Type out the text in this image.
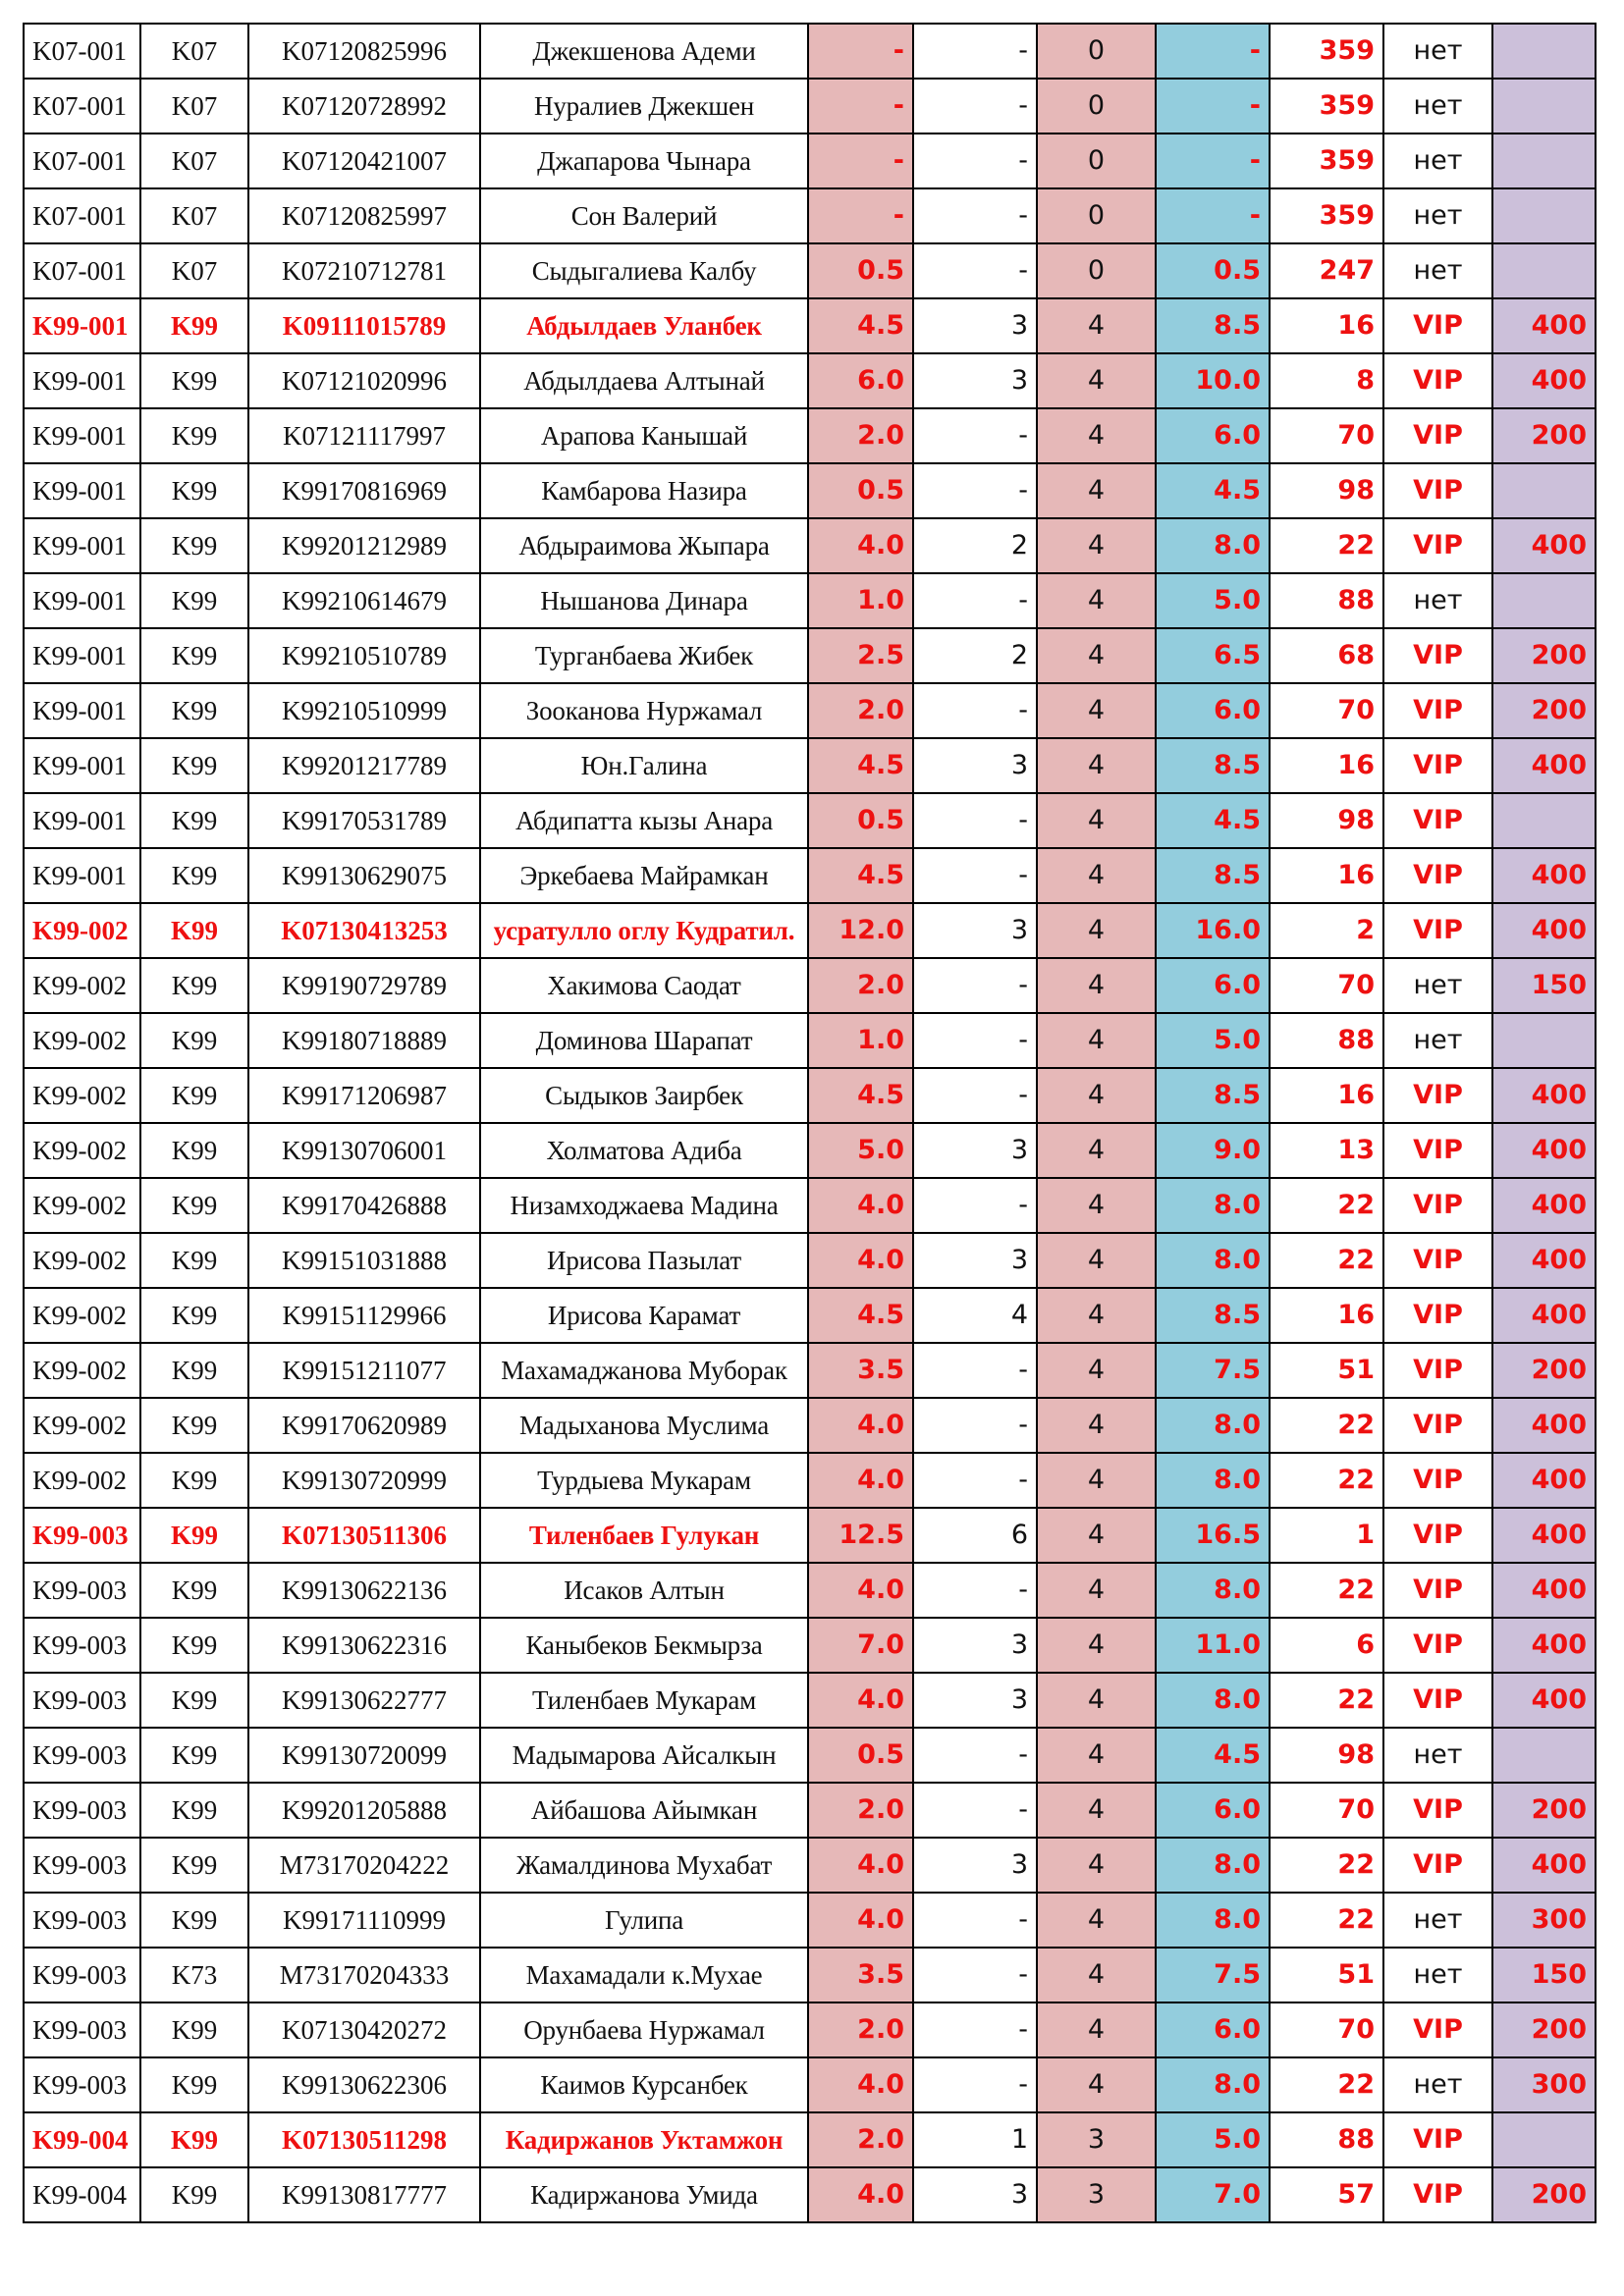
K07-001	K07	K07120825996	Джекшенова Адеми	-	-	0	-	359	нет	
K07-001	K07	K07120728992	Нуралиев Джекшен	-	-	0	-	359	нет	
K07-001	K07	K07120421007	Джапарова Чынара	-	-	0	-	359	нет	
K07-001	K07	K07120825997	Сон Валерий	-	-	0	-	359	нет	
K07-001	K07	K07210712781	Сыдыгалиева Калбу	0.5	-	0	0.5	247	нет	
K99-001	K99	K09111015789	Абдылдаев Уланбек	4.5	3	4	8.5	16	VIP	400
K99-001	K99	K07121020996	Абдылдаева Алтынай	6.0	3	4	10.0	8	VIP	400
K99-001	K99	K07121117997	Арапова Канышай	2.0	-	4	6.0	70	VIP	200
K99-001	K99	K99170816969	Камбарова Назира	0.5	-	4	4.5	98	VIP	
K99-001	K99	K99201212989	Абдыраимова Жыпара	4.0	2	4	8.0	22	VIP	400
K99-001	K99	K99210614679	Нышанова Динара	1.0	-	4	5.0	88	нет	
K99-001	K99	K99210510789	Турганбаева Жибек	2.5	2	4	6.5	68	VIP	200
K99-001	K99	K99210510999	Зооканова Нуржамал	2.0	-	4	6.0	70	VIP	200
K99-001	K99	K99201217789	Юн.Галина	4.5	3	4	8.5	16	VIP	400
K99-001	K99	K99170531789	Абдипатта кызы Анара	0.5	-	4	4.5	98	VIP	
K99-001	K99	K99130629075	Эркебаева Майрамкан	4.5	-	4	8.5	16	VIP	400
K99-002	K99	K07130413253	усратулло оглу Кудратил.	12.0	3	4	16.0	2	VIP	400
K99-002	K99	K99190729789	Хакимова Саодат	2.0	-	4	6.0	70	нет	150
K99-002	K99	K99180718889	Доминова Шарапат	1.0	-	4	5.0	88	нет	
K99-002	K99	K99171206987	Сыдыков Заирбек	4.5	-	4	8.5	16	VIP	400
K99-002	K99	K99130706001	Холматова Адиба	5.0	3	4	9.0	13	VIP	400
K99-002	K99	K99170426888	Низамходжаева Мадина	4.0	-	4	8.0	22	VIP	400
K99-002	K99	K99151031888	Ирисова Пазылат	4.0	3	4	8.0	22	VIP	400
K99-002	K99	K99151129966	Ирисова Карамат	4.5	4	4	8.5	16	VIP	400
K99-002	K99	K99151211077	Махамаджанова Муборак	3.5	-	4	7.5	51	VIP	200
K99-002	K99	K99170620989	Мадыханова Муслима	4.0	-	4	8.0	22	VIP	400
K99-002	K99	K99130720999	Турдыева Мукарам	4.0	-	4	8.0	22	VIP	400
K99-003	K99	K07130511306	Тиленбаев Гулукан	12.5	6	4	16.5	1	VIP	400
K99-003	K99	K99130622136	Исаков Алтын	4.0	-	4	8.0	22	VIP	400
K99-003	K99	K99130622316	Каныбеков Бекмырза	7.0	3	4	11.0	6	VIP	400
K99-003	K99	K99130622777	Тиленбаев Мукарам	4.0	3	4	8.0	22	VIP	400
K99-003	K99	K99130720099	Мадымарова Айсалкын	0.5	-	4	4.5	98	нет	
K99-003	K99	K99201205888	Айбашова Айымкан	2.0	-	4	6.0	70	VIP	200
K99-003	K99	M73170204222	Жамалдинова Мухабат	4.0	3	4	8.0	22	VIP	400
K99-003	K99	K99171110999	Гулипа	4.0	-	4	8.0	22	нет	300
K99-003	K73	M73170204333	Махамадали к.Мухае	3.5	-	4	7.5	51	нет	150
K99-003	K99	K07130420272	Орунбаева Нуржамал	2.0	-	4	6.0	70	VIP	200
K99-003	K99	K99130622306	Каимов Курсанбек	4.0	-	4	8.0	22	нет	300
K99-004	K99	K07130511298	Кадиржанов Уктамжон	2.0	1	3	5.0	88	VIP	
K99-004	K99	K99130817777	Кадиржанова Умида	4.0	3	3	7.0	57	VIP	200
